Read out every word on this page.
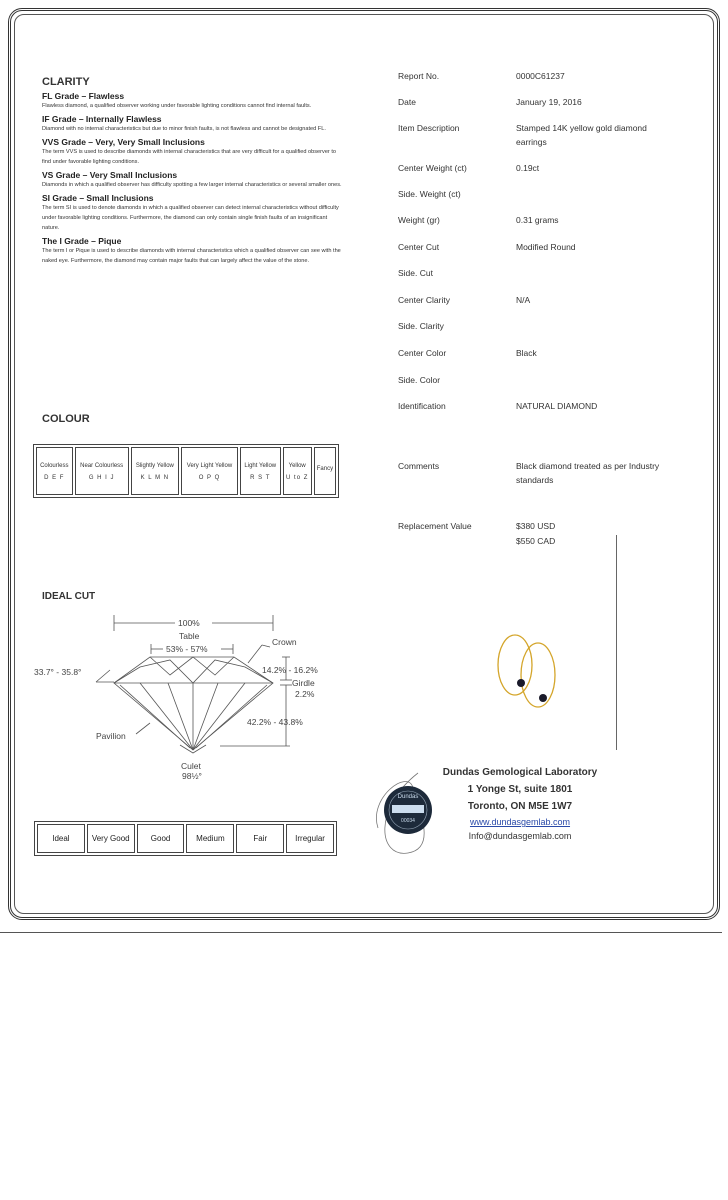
CLARITY
FL Grade – Flawless
Flawless diamond, a qualified observer working under favorable lighting conditions cannot find internal faults.
IF Grade – Internally Flawless
Diamond with no internal characteristics but due to minor finish faults, is not flawless and cannot be designated FL.
VVS Grade – Very, Very Small Inclusions
The term VVS is used to describe diamonds with internal characteristics that are very difficult for a qualified observer to find under favorable lighting conditions.
VS Grade – Very Small Inclusions
Diamonds in which a qualified observer has difficulty spotting a few larger internal characteristics or several smaller ones.
SI Grade – Small Inclusions
The term SI is used to denote diamonds in which a qualified observer can detect internal characteristics without difficulty under favorable lighting conditions. Furthermore, the diamond can only contain single finish faults of an insignificant nature.
The I Grade – Pique
The term I or Pique is used to describe diamonds with internal characteristics which a qualified observer can see with the naked eye. Furthermore, the diamond may contain major faults that can largely affect the value of the stone.
COLOUR
Colourless
D E F

Near Colourless
G H I J

Slightly Yellow
K L M N

Very Light Yellow
O P Q

Light Yellow
R S T

Yellow
U to Z

Fancy
IDEAL CUT
100%
Table
53% - 57%
Crown
33.7° - 35.8°	14.2% - 16.2%
Girdle
2.2%
42.2% - 43.8%
Pavilion
Culet
98½°
Ideal	Very Good	Good	Medium	Fair	Irregular
Report No.	0000C61237
Date	January 19, 2016
Item Description	Stamped 14K yellow gold diamond earrings
Center Weight (ct)	0.19ct
Side. Weight (ct)
Weight (gr)	0.31 grams
Center Cut	Modified Round
Side. Cut
Center Clarity	N/A
Side. Clarity
Center Color	Black
Side. Color
Identification	NATURAL DIAMOND
Comments	Black diamond treated as per Industry standards
Replacement Value	$380 USD
$550 CAD
Dundas
00034
Dundas Gemological Laboratory
1 Yonge St, suite 1801
Toronto, ON M5E 1W7
www.dundasgemlab.com
Info@dundasgemlab.com
